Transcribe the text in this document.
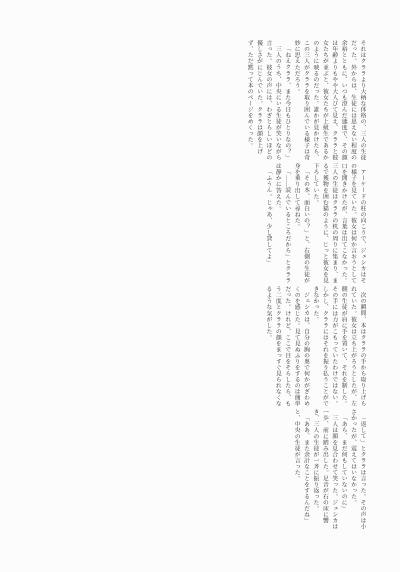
それはクララより大柄な体格の、三人の生徒だった。外からは、生徒には思えない程度の余裕とともに、いつも澄んだ態度で、その顔は年齢よりもやや大人びて見え、クララと彼女たちが並ぶと、彼女たちが上級生であるかのように映るのだった。誰かが見かけたら、この三人がクララを取り囲んでいる様子は奇妙に思えただろう。

「ねえクララ、また今日もひとりなの？」

三人のうち、中央にいる生徒が笑いながら言った。彼女の声には、わざとらしいほどの優しさがにじんでいた。クララは顔を上げず、ただ黙って本のページをめくった。

アーケードの柱の向こうで、ジェシカはその様子を見ていた。彼女は何か言おうとして口を開きかけたが、言葉は出てこなかった。三人の生徒はクララの机の周りに集まり、まるで獲物を囲む猫のように、じっと彼女を見下ろしていた。

「その本、面白いの？」と、右側の生徒が身を乗り出して尋ねた。

「……読んでいるところだから」とクララは静かに答えた。

「ふうん。じゃあ、少し貸してよ」

次の瞬間、本はクララの手から取り上げられていた。彼女は立ち上がろうとしたが、左側の生徒が肩に手を置いて、それを制した。その手には力がこもっていたわけではない。しかし、クララにはそれを振り払うことができなかった。

ジェシカは、自分の胸の奥で何かがざわめくのを感じた。見て見ぬふりをするのは簡単だった。けれど、ここで目をそらしたら、もう二度とクララの顔をまっすぐ見られなくなるような気がした。

「返して」とクララは言った。その声は小さかったが、震えてはいなかった。

「あら、まだ何もしていないのに」

三人は顔を見合わせて笑った。ジェシカは一歩、前に踏み出した。足音が石の床に響き、三人の生徒が一斉に振り返った。

「ああ、また余計なことをするんだね」と、中央の生徒が言った。
